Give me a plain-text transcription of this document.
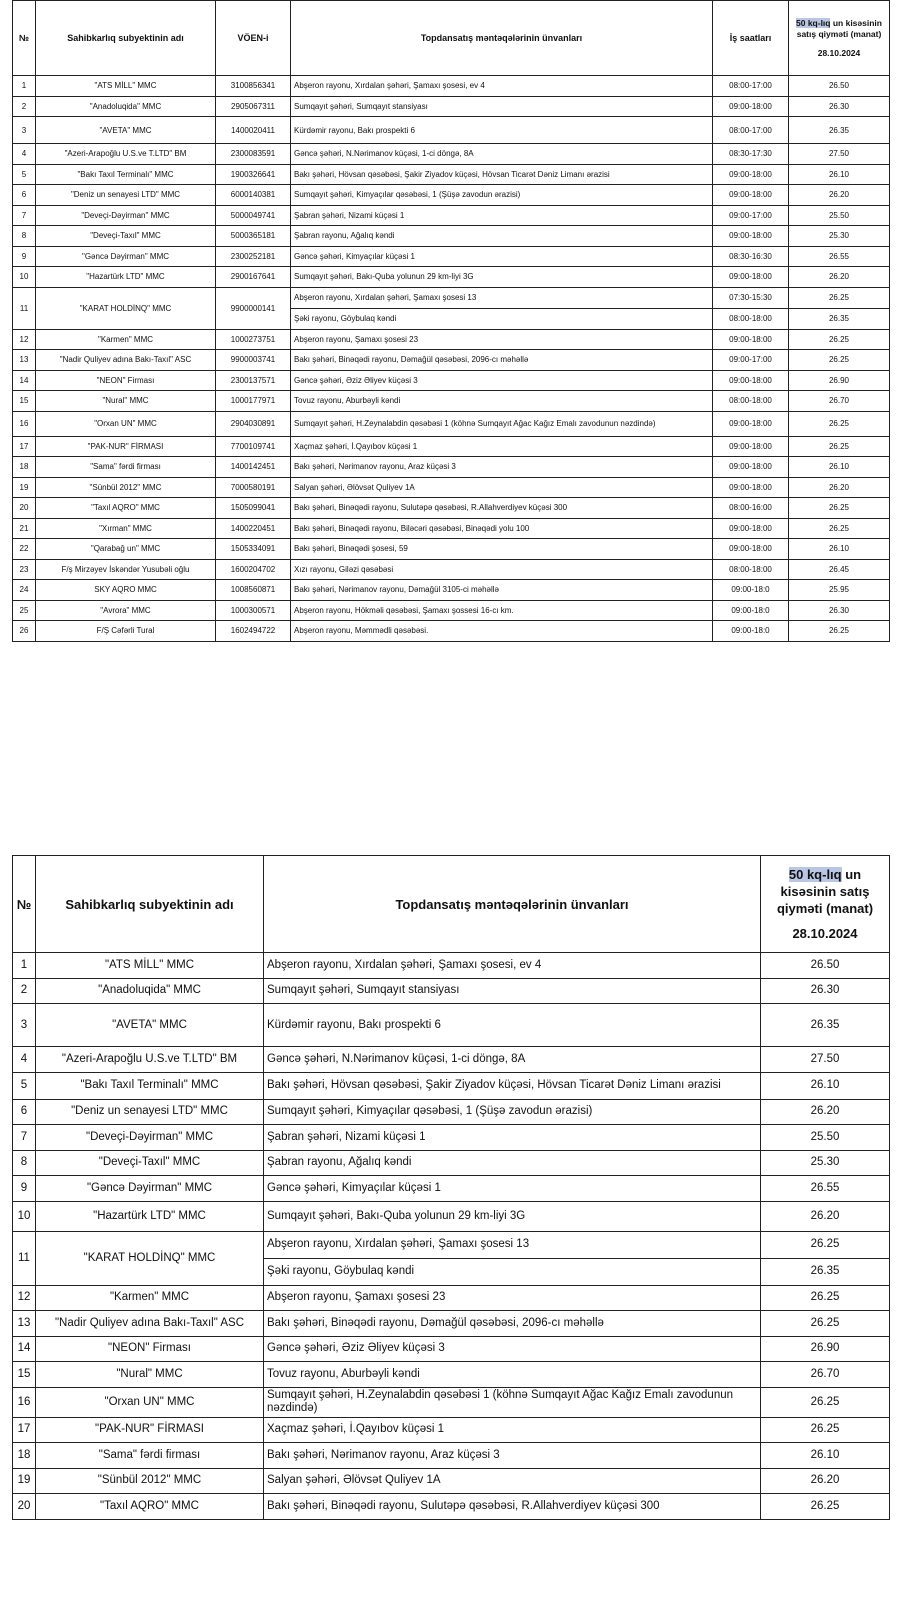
№	Sahibkarlıq subyektinin adı	VÖEN-i	Topdansatış məntəqələrinin ünvanları	İş saatları	50 kq-lıq un kisəsinin satış qiymәti (manat)
28.10.2024

1	"ATS MİLL" MMC	3100856341	Abşeron rayonu, Xırdalan şəhəri, Şamaxı şosesi, ev 4	08:00-17:00	26.50
2	"Anadoluqida" MMC	2905067311	Sumqayıt şəhəri, Sumqayıt stansiyası	09:00-18:00	26.30
3	"AVETA" MMC	1400020411	Kürdəmir rayonu, Bakı prospekti 6	08:00-17:00	26.35
4	"Azeri-Arapoğlu U.S.ve T.LTD" BM	2300083591	Gəncə şəhəri, N.Nərimanov küçəsi, 1-ci döngə, 8A	08:30-17:30	27.50
5	"Bakı Taxıl Terminalı" MMC	1900326641	Bakı şəhəri, Hövsan qəsəbəsi, Şakir Ziyadov küçəsi, Hövsan Ticarət Dəniz Limanı ərazisi	09:00-18:00	26.10
6	"Deniz un senayesi LTD" MMC	6000140381	Sumqayıt şəhəri, Kimyaçılar qəsəbəsi, 1 (Şüşə zavodun ərazisi)	09:00-18:00	26.20
7	"Deveçi-Dəyirman" MMC	5000049741	Şabran şəhəri, Nizami küçəsi 1	09:00-17:00	25.50
8	"Deveçi-Taxıl" MMC	5000365181	Şabran rayonu, Ağalıq kəndi	09:00-18:00	25.30
9	"Gəncə Dəyirman" MMC	2300252181	Gəncə şəhəri, Kimyaçılar küçəsi 1	08:30-16:30	26.55
10	"Hazartürk LTD" MMC	2900167641	Sumqayıt şəhəri, Bakı-Quba yolunun 29 km-liyi 3G	09:00-18:00	26.20
11	"KARAT HOLDİNQ" MMC	9900000141	Abşeron rayonu, Xırdalan şəhəri, Şamaxı şosesi 13	07:30-15:30	26.25
			Şəki rayonu, Göybulaq kəndi	08:00-18:00	26.35
12	"Karmen" MMC	1000273751	Abşeron rayonu, Şamaxı şosesi 23	09:00-18:00	26.25
13	"Nadir Quliyev adına Bakı-Taxıl" ASC	9900003741	Bakı şəhəri, Binəqədi rayonu, Dəmağül qəsəbəsi, 2096-cı məhəllə	09:00-17:00	26.25
14	"NEON" Firması	2300137571	Gəncə şəhəri, Əziz Əliyev küçəsi 3	09:00-18:00	26.90
15	"Nural" MMC	1000177971	Tovuz rayonu, Aburbəyli kəndi	08:00-18:00	26.70
16	"Orxan UN" MMC	2904030891	Sumqayıt şəhəri, H.Zeynalabdin qəsəbəsi 1 (köhnə Sumqayıt Ağac Kağız Emalı zavodunun nəzdində)	09:00-18:00	26.25
17	"PAK-NUR" FİRMASI	7700109741	Xaçmaz şəhəri, İ.Qayıbov küçəsi 1	09:00-18:00	26.25
18	"Sama" fərdi firması	1400142451	Bakı şəhəri, Nərimanov rayonu, Araz küçəsi 3	09:00-18:00	26.10
19	"Sünbül 2012" MMC	7000580191	Salyan şəhəri, Əlövsət Quliyev 1A	09:00-18:00	26.20
20	"Taxıl AQRO" MMC	1505099041	Bakı şəhəri, Binəqədi rayonu, Sulutəpə qəsəbəsi, R.Allahverdiyev küçəsi 300	08:00-16:00	26.25
21	"Xırman" MMC	1400220451	Bakı şəhəri, Binəqədi rayonu, Biləcəri qəsəbəsi, Binəqədi yolu 100	09:00-18:00	26.25
22	"Qarabağ un" MMC	1505334091	Bakı şəhəri, Binəqədi şosesi, 59	09:00-18:00	26.10
23	F/ş Mirzəyev İskəndər Yusubəli oğlu	1600204702	Xızı rayonu, Giləzi qəsəbəsi	08:00-18:00	26.45
24	SKY AQRO MMC	1008560871	Bakı şəhəri, Nərimanov rayonu, Dəmağül 3105-ci məhəllə	09:00-18:0	25.95
25	"Avrora" MMC	1000300571	Abşeron rayonu, Hökməli qəsəbəsi, Şamaxı şossesi 16-cı km.	09:00-18:0	26.30
26	F/Ş Cəfərli Tural	1602494722	Abşeron rayonu, Məmmədli qəsəbəsi.	09:00-18:0	26.25
№	Sahibkarlıq subyektinin adı	Topdansatış məntəqələrinin ünvanları	50 kq-lıq un kisəsinin satış qiymәti (manat)
28.10.2024

1	"ATS MİLL" MMC	Abşeron rayonu, Xırdalan şəhəri, Şamaxı şosesi, ev 4	26.50
2	"Anadoluqida" MMC	Sumqayıt şəhəri, Sumqayıt stansiyası	26.30
3	"AVETA" MMC	Kürdəmir rayonu, Bakı prospekti 6	26.35
4	"Azeri-Arapoğlu U.S.ve T.LTD" BM	Gəncə şəhəri, N.Nərimanov küçəsi, 1-ci döngə, 8A	27.50
5	"Bakı Taxıl Terminalı" MMC	Bakı şəhəri, Hövsan qəsəbəsi, Şakir Ziyadov küçəsi, Hövsan Ticarət Dəniz Limanı ərazisi	26.10
6	"Deniz un senayesi LTD" MMC	Sumqayıt şəhəri, Kimyaçılar qəsəbəsi, 1 (Şüşə zavodun ərazisi)	26.20
7	"Deveçi-Dəyirman" MMC	Şabran şəhəri, Nizami küçəsi 1	25.50
8	"Deveçi-Taxıl" MMC	Şabran rayonu, Ağalıq kəndi	25.30
9	"Gəncə Dəyirman" MMC	Gəncə şəhəri, Kimyaçılar küçəsi 1	26.55
10	"Hazartürk LTD" MMC	Sumqayıt şəhəri, Bakı-Quba yolunun 29 km-liyi 3G	26.20
11	"KARAT HOLDİNQ" MMC	Abşeron rayonu, Xırdalan şəhəri, Şamaxı şosesi 13	26.25
		Şəki rayonu, Göybulaq kəndi	26.35
12	"Karmen" MMC	Abşeron rayonu, Şamaxı şosesi 23	26.25
13	"Nadir Quliyev adına Bakı-Taxıl" ASC	Bakı şəhəri, Binəqədi rayonu, Dəmağül qəsəbəsi, 2096-cı məhəllə	26.25
14	"NEON" Firması	Gəncə şəhəri, Əziz Əliyev küçəsi 3	26.90
15	"Nural" MMC	Tovuz rayonu, Aburbəyli kəndi	26.70
16	"Orxan UN" MMC	Sumqayıt şəhəri, H.Zeynalabdin qəsəbəsi 1 (köhnə Sumqayıt Ağac Kağız Emalı zavodunun nəzdində)	26.25
17	"PAK-NUR" FİRMASI	Xaçmaz şəhəri, İ.Qayıbov küçəsi 1	26.25
18	"Sama" fərdi firması	Bakı şəhəri, Nərimanov rayonu, Araz küçəsi 3	26.10
19	"Sünbül 2012" MMC	Salyan şəhəri, Əlövsət Quliyev 1A	26.20
20	"Taxıl AQRO" MMC	Bakı şəhəri, Binəqədi rayonu, Sulutəpə qəsəbəsi, R.Allahverdiyev küçəsi 300	26.25
